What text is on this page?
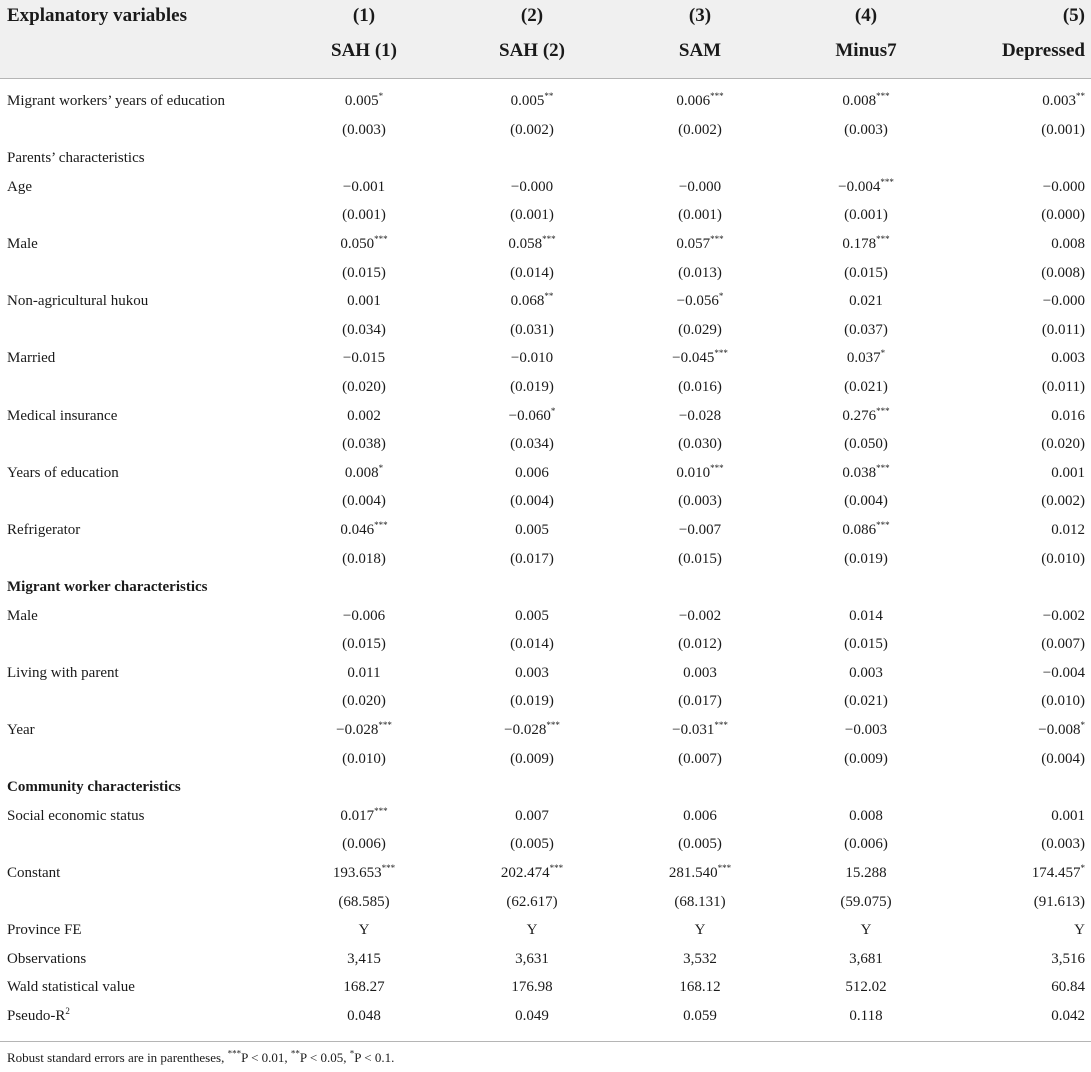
Explanatory variables	(1)	(2)	(3)	(4)	(5)
SAH (1)	SAH (2)	SAM	Minus7	Depressed
Migrant workers’ years of education	0.005*	0.005**	0.006***	0.008***	0.003**
(0.003)	(0.002)	(0.002)	(0.003)	(0.001)
Parents’ characteristics
Age	−0.001	−0.000	−0.000	−0.004***	−0.000
(0.001)	(0.001)	(0.001)	(0.001)	(0.000)
Male	0.050***	0.058***	0.057***	0.178***	0.008
(0.015)	(0.014)	(0.013)	(0.015)	(0.008)
Non-agricultural hukou	0.001	0.068**	−0.056*	0.021	−0.000
(0.034)	(0.031)	(0.029)	(0.037)	(0.011)
Married	−0.015	−0.010	−0.045***	0.037*	0.003
(0.020)	(0.019)	(0.016)	(0.021)	(0.011)
Medical insurance	0.002	−0.060*	−0.028	0.276***	0.016
(0.038)	(0.034)	(0.030)	(0.050)	(0.020)
Years of education	0.008*	0.006	0.010***	0.038***	0.001
(0.004)	(0.004)	(0.003)	(0.004)	(0.002)
Refrigerator	0.046***	0.005	−0.007	0.086***	0.012
(0.018)	(0.017)	(0.015)	(0.019)	(0.010)
Migrant worker characteristics
Male	−0.006	0.005	−0.002	0.014	−0.002
(0.015)	(0.014)	(0.012)	(0.015)	(0.007)
Living with parent	0.011	0.003	0.003	0.003	−0.004
(0.020)	(0.019)	(0.017)	(0.021)	(0.010)
Year	−0.028***	−0.028***	−0.031***	−0.003	−0.008*
(0.010)	(0.009)	(0.007)	(0.009)	(0.004)
Community characteristics
Social economic status	0.017***	0.007	0.006	0.008	0.001
(0.006)	(0.005)	(0.005)	(0.006)	(0.003)
Constant	193.653***	202.474***	281.540***	15.288	174.457*
(68.585)	(62.617)	(68.131)	(59.075)	(91.613)
Province FE	Y	Y	Y	Y	Y
Observations	3,415	3,631	3,532	3,681	3,516
Wald statistical value	168.27	176.98	168.12	512.02	60.84
Pseudo-$R^2$	0.048	0.049	0.059	0.118	0.042
Robust standard errors are in parentheses, ***P < 0.01, **P < 0.05, *P < 0.1.
